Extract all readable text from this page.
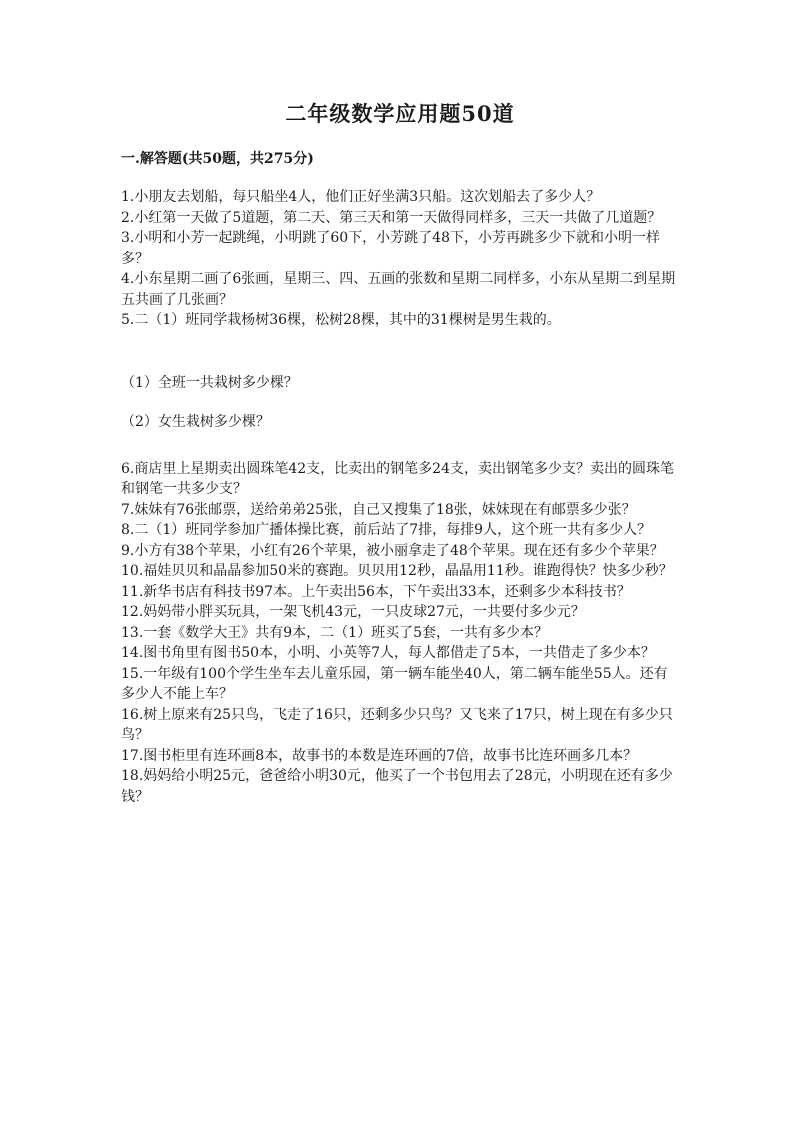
二年级数学应用题50道
一.解答题(共50题，共275分)

1.小朋友去划船，每只船坐4人，他们正好坐满3只船。这次划船去了多少人？

2.小红第一天做了5道题，第二天、第三天和第一天做得同样多，三天一共做了几道题？

3.小明和小芳一起跳绳，小明跳了60下，小芳跳了48下，小芳再跳多少下就和小明一样多？

4.小东星期二画了6张画，星期三、四、五画的张数和星期二同样多，小东从星期二到星期五共画了几张画？

5.二（1）班同学栽杨树36棵，松树28棵，其中的31棵树是男生栽的。

（1）全班一共栽树多少棵？

（2）女生栽树多少棵？

6.商店里上星期卖出圆珠笔42支，比卖出的钢笔多24支，卖出钢笔多少支？卖出的圆珠笔和钢笔一共多少支？

7.妹妹有76张邮票，送给弟弟25张，自己又搜集了18张，妹妹现在有邮票多少张？

8.二（1）班同学参加广播体操比赛，前后站了7排，每排9人，这个班一共有多少人？

9.小方有38个苹果，小红有26个苹果，被小丽拿走了48个苹果。现在还有多少个苹果？

10.福娃贝贝和晶晶参加50米的赛跑。贝贝用12秒，晶晶用11秒。谁跑得快？快多少秒？

11.新华书店有科技书97本。上午卖出56本，下午卖出33本，还剩多少本科技书？

12.妈妈带小胖买玩具，一架飞机43元，一只皮球27元，一共要付多少元？

13.一套《数学大王》共有9本，二（1）班买了5套，一共有多少本？

14.图书角里有图书50本，小明、小英等7人，每人都借走了5本，一共借走了多少本？

15.一年级有100个学生坐车去儿童乐园，第一辆车能坐40人，第二辆车能坐55人。还有多少人不能上车？

16.树上原来有25只鸟，飞走了16只，还剩多少只鸟？又飞来了17只，树上现在有多少只鸟？

17.图书柜里有连环画8本，故事书的本数是连环画的7倍，故事书比连环画多几本？

18.妈妈给小明25元，爸爸给小明30元，他买了一个书包用去了28元，小明现在还有多少钱？
